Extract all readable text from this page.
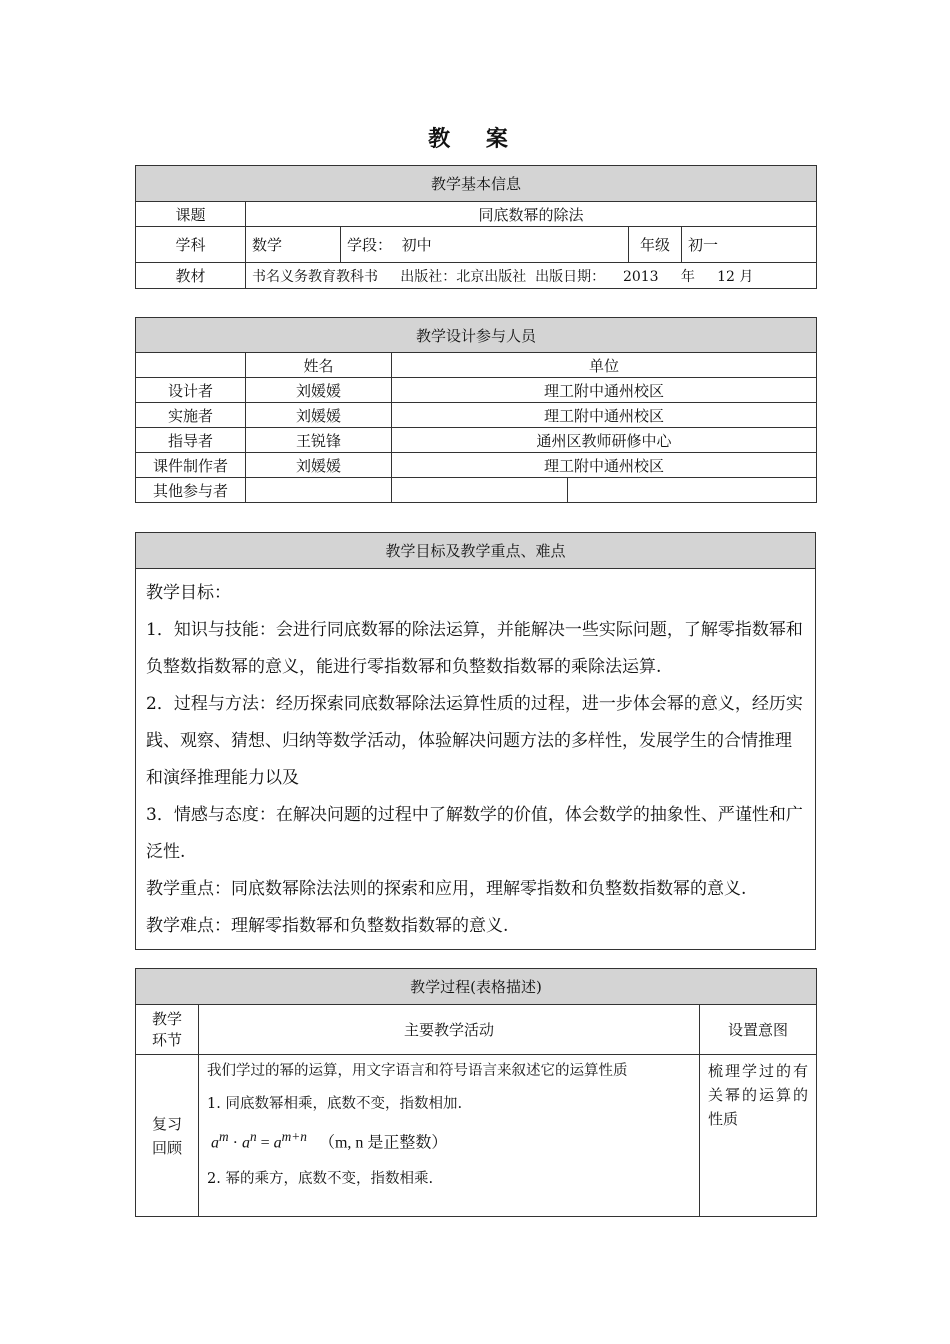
教 案
教学基本信息				
课题	同底数幂的除法			
学科	数学	学段： 初中	年级	初一
教材	书名义务教育教科书     出版社：北京出版社  出版日期：    2013     年     12 月			
教学设计参与人员			
	姓名	单位	
设计者	刘媛媛	理工附中通州校区	
实施者	刘媛媛	理工附中通州校区	
指导者	王锐锋	通州区教师研修中心	
课件制作者	刘媛媛	理工附中通州校区	
其他参与者			
教学目标及教学重点、难点

教学目标：

1．知识与技能：会进行同底数幂的除法运算，并能解决一些实际问题，了解零指数幂和负整数指数幂的意义，能进行零指数幂和负整数指数幂的乘除法运算.

2．过程与方法：经历探索同底数幂除法运算性质的过程，进一步体会幂的意义，经历实践、观察、猜想、归纳等数学活动，体验解决问题方法的多样性，发展学生的合情推理和演绎推理能力以及

3．情感与态度：在解决问题的过程中了解数学的价值，体会数学的抽象性、严谨性和广泛性.

教学重点：同底数幂除法法则的探索和应用，理解零指数和负整数指数幂的意义.

教学难点：理解零指数幂和负整数指数幂的意义.

教学过程(表格描述)		
教学环节	主要教学活动	设置意图
复习回顾	我们学过的幂的运算，用文字语言和符号语言来叙述它的运算性质

1. 同底数幂相乘，底数不变，指数相加.

$a^m \cdot a^n = a^{m+n}$ （m, n 是正整数）

2. 幂的乘方，底数不变，指数相乘.	梳理学过的有关幂的运算的性质
